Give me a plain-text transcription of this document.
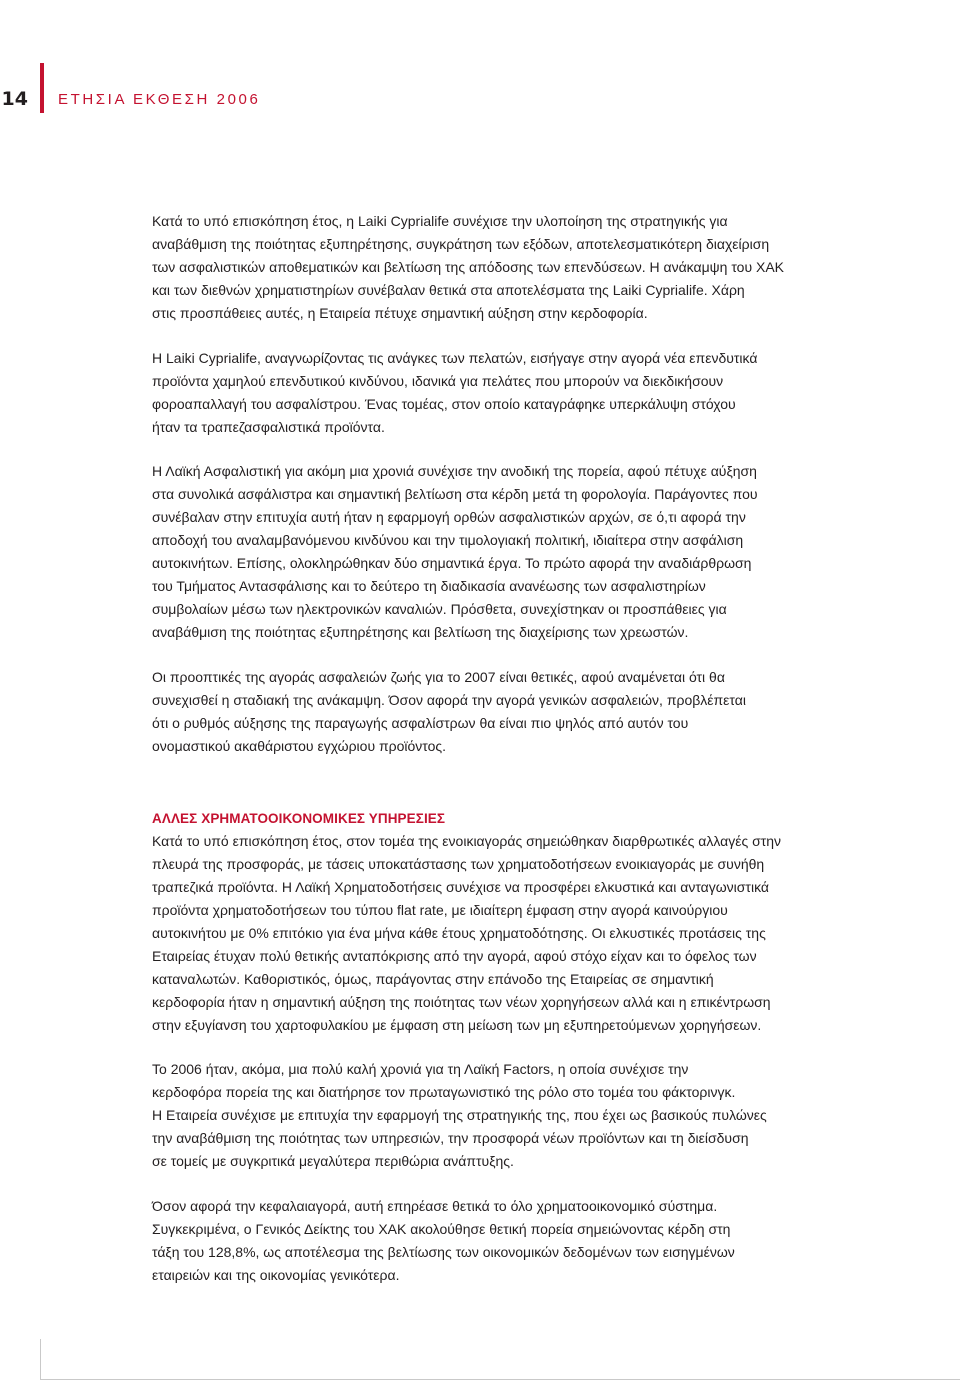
14 ΕΤΗΣΙΑ ΕΚΘΕΣΗ 2006
Κατά το υπό επισκόπηση έτος, η Laiki Cyprialife συνέχισε την υλοποίηση της στρατηγικής για
αναβάθμιση της ποιότητας εξυπηρέτησης, συγκράτηση των εξόδων, αποτελεσματικότερη διαχείριση
των ασφαλιστικών αποθεματικών και βελτίωση της απόδοσης των επενδύσεων. Η ανάκαμψη του ΧΑΚ
και των διεθνών χρηματιστηρίων συνέβαλαν θετικά στα αποτελέσματα της Laiki Cyprialife. Χάρη
στις προσπάθειες αυτές, η Εταιρεία πέτυχε σημαντική αύξηση στην κερδοφορία.
Η Laiki Cyprialife, αναγνωρίζοντας τις ανάγκες των πελατών, εισήγαγε στην αγορά νέα επενδυτικά
προϊόντα χαμηλού επενδυτικού κινδύνου, ιδανικά για πελάτες που μπορούν να διεκδικήσουν
φοροαπαλλαγή του ασφαλίστρου. Ένας τομέας, στον οποίο καταγράφηκε υπερκάλυψη στόχου
ήταν τα τραπεζασφαλιστικά προϊόντα.
Η Λαϊκή Ασφαλιστική για ακόμη μια χρονιά συνέχισε την ανοδική της πορεία, αφού πέτυχε αύξηση
στα συνολικά ασφάλιστρα και σημαντική βελτίωση στα κέρδη μετά τη φορολογία. Παράγοντες που
συνέβαλαν στην επιτυχία αυτή ήταν η εφαρμογή ορθών ασφαλιστικών αρχών, σε ό,τι αφορά την
αποδοχή του αναλαμβανόμενου κινδύνου και την τιμολογιακή πολιτική, ιδιαίτερα στην ασφάλιση
αυτοκινήτων. Επίσης, ολοκληρώθηκαν δύο σημαντικά έργα. Το πρώτο αφορά την αναδιάρθρωση
του Τμήματος Αντασφάλισης και το δεύτερο τη διαδικασία ανανέωσης των ασφαλιστηρίων
συμβολαίων μέσω των ηλεκτρονικών καναλιών. Πρόσθετα, συνεχίστηκαν οι προσπάθειες για
αναβάθμιση της ποιότητας εξυπηρέτησης και βελτίωση της διαχείρισης των χρεωστών.
Οι προοπτικές της αγοράς ασφαλειών ζωής για το 2007 είναι θετικές, αφού αναμένεται ότι θα
συνεχισθεί η σταδιακή της ανάκαμψη. Όσον αφορά την αγορά γενικών ασφαλειών, προβλέπεται
ότι ο ρυθμός αύξησης της παραγωγής ασφαλίστρων θα είναι πιο ψηλός από αυτόν του
ονομαστικού ακαθάριστου εγχώριου προϊόντος.
ΑΛΛΕΣ ΧΡΗΜΑΤΟΟΙΚΟΝΟΜΙΚΕΣ ΥΠΗΡΕΣΙΕΣ
Κατά το υπό επισκόπηση έτος, στον τομέα της ενοικιαγοράς σημειώθηκαν διαρθρωτικές αλλαγές στην
πλευρά της προσφοράς, με τάσεις υποκατάστασης των χρηματοδοτήσεων ενοικιαγοράς με συνήθη
τραπεζικά προϊόντα. Η Λαϊκή Χρηματοδοτήσεις συνέχισε να προσφέρει ελκυστικά και ανταγωνιστικά
προϊόντα χρηματοδοτήσεων του τύπου flat rate, με ιδιαίτερη έμφαση στην αγορά καινούργιου
αυτοκινήτου με 0% επιτόκιο για ένα μήνα κάθε έτους χρηματοδότησης. Οι ελκυστικές προτάσεις της
Εταιρείας έτυχαν πολύ θετικής ανταπόκρισης από την αγορά, αφού στόχο είχαν και το όφελος των
καταναλωτών. Καθοριστικός, όμως, παράγοντας στην επάνοδο της Εταιρείας σε σημαντική
κερδοφορία ήταν η σημαντική αύξηση της ποιότητας των νέων χορηγήσεων αλλά και η επικέντρωση
στην εξυγίανση του χαρτοφυλακίου με έμφαση στη μείωση των μη εξυπηρετούμενων χορηγήσεων.
Το 2006 ήταν, ακόμα, μια πολύ καλή χρονιά για τη Λαϊκή Factors, η οποία συνέχισε την
κερδοφόρα πορεία της και διατήρησε τον πρωταγωνιστικό της ρόλο στο τομέα του φάκτορινγκ.
Η Εταιρεία συνέχισε με επιτυχία την εφαρμογή της στρατηγικής της, που έχει ως βασικούς πυλώνες
την αναβάθμιση της ποιότητας των υπηρεσιών, την προσφορά νέων προϊόντων και τη διείσδυση
σε τομείς με συγκριτικά μεγαλύτερα περιθώρια ανάπτυξης.
Όσον αφορά την κεφαλαιαγορά, αυτή επηρέασε θετικά το όλο χρηματοοικονομικό σύστημα.
Συγκεκριμένα, ο Γενικός Δείκτης του ΧΑΚ ακολούθησε θετική πορεία σημειώνοντας κέρδη στη
τάξη του 128,8%, ως αποτέλεσμα της βελτίωσης των οικονομικών δεδομένων των εισηγμένων
εταιρειών και της οικονομίας γενικότερα.
